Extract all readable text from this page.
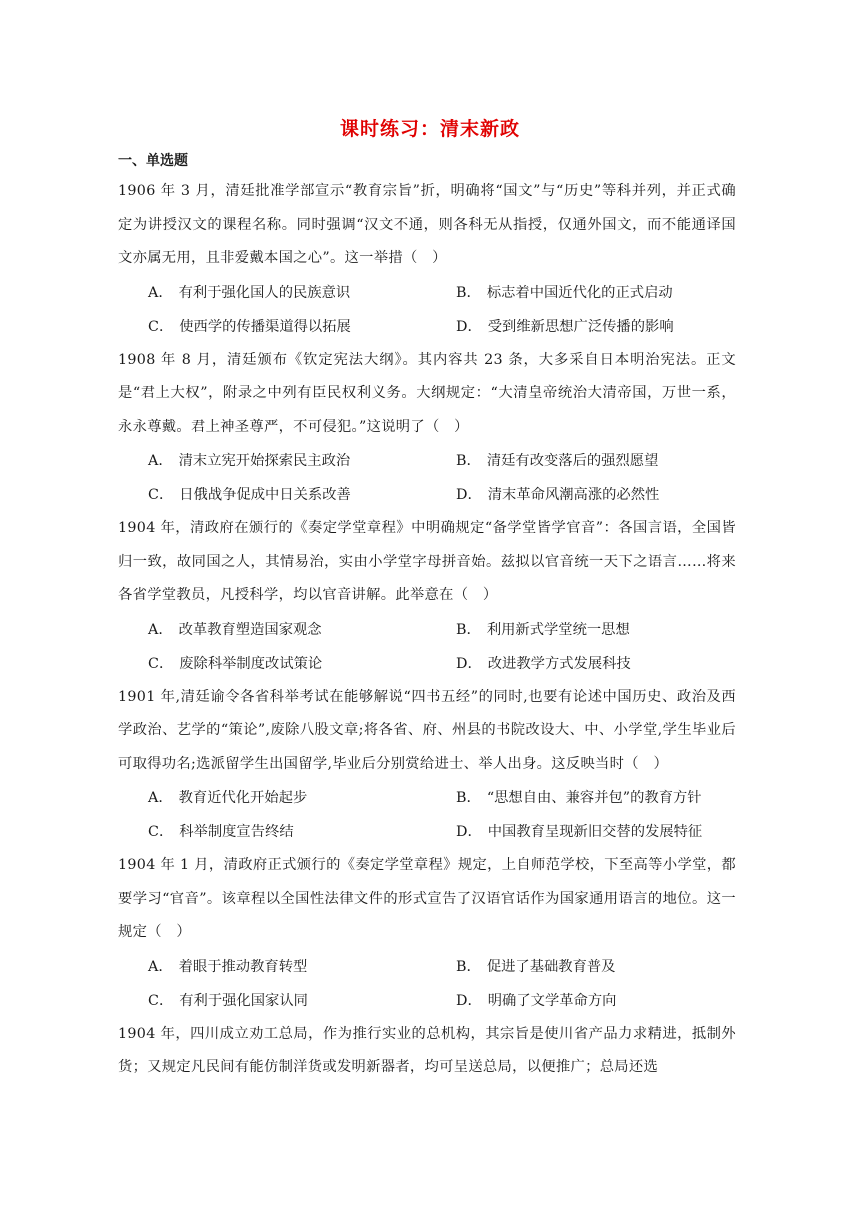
课时练习：清末新政
一、单选题
1906 年 3 月，清廷批准学部宣示“教育宗旨”折，明确将“国文”与“历史”等科并列，并正式确定为讲授汉文的课程名称。同时强调“汉文不通，则各科无从指授，仅通外国文，而不能通译国文亦属无用，且非爱戴本国之心”。这一举措（　）
A． 有利于强化国人的民族意识	B． 标志着中国近代化的正式启动
C． 使西学的传播渠道得以拓展	D． 受到维新思想广泛传播的影响
1908 年 8 月，清廷颁布《钦定宪法大纲》。其内容共 23 条，大多采自日本明治宪法。正文是“君上大权”，附录之中列有臣民权利义务。大纲规定：“大清皇帝统治大清帝国，万世一系，永永尊戴。君上神圣尊严，不可侵犯。”这说明了（　）
A． 清末立宪开始探索民主政治	B． 清廷有改变落后的强烈愿望
C． 日俄战争促成中日关系改善	D． 清末革命风潮高涨的必然性
1904 年，清政府在颁行的《奏定学堂章程》中明确规定“备学堂皆学官音”：各国言语，全国皆归一致，故同国之人，其情易治，实由小学堂字母拼音始。兹拟以官音统一天下之语言……将来各省学堂教员，凡授科学，均以官音讲解。此举意在（　）
A． 改革教育塑造国家观念	B． 利用新式学堂统一思想
C． 废除科举制度改试策论	D． 改进教学方式发展科技
1901 年,清廷谕令各省科举考试在能够解说“四书五经”的同时,也要有论述中国历史、政治及西学政治、艺学的“策论”,废除八股文章;将各省、府、州县的书院改设大、中、小学堂,学生毕业后可取得功名;选派留学生出国留学,毕业后分别赏给进士、举人出身。这反映当时（　）
A． 教育近代化开始起步	B． “思想自由、兼容并包”的教育方针
C． 科举制度宣告终结	D． 中国教育呈现新旧交替的发展特征
1904 年 1 月，清政府正式颁行的《奏定学堂章程》规定，上自师范学校，下至高等小学堂，都要学习“官音”。该章程以全国性法律文件的形式宣告了汉语官话作为国家通用语言的地位。这一规定（　）
A． 着眼于推动教育转型	B． 促进了基础教育普及
C． 有利于强化国家认同	D． 明确了文学革命方向
1904 年，四川成立劝工总局，作为推行实业的总机构，其宗旨是使川省产品力求精进，抵制外货；又规定凡民间有能仿制洋货或发明新器者，均可呈送总局，以便推广；总局还选
